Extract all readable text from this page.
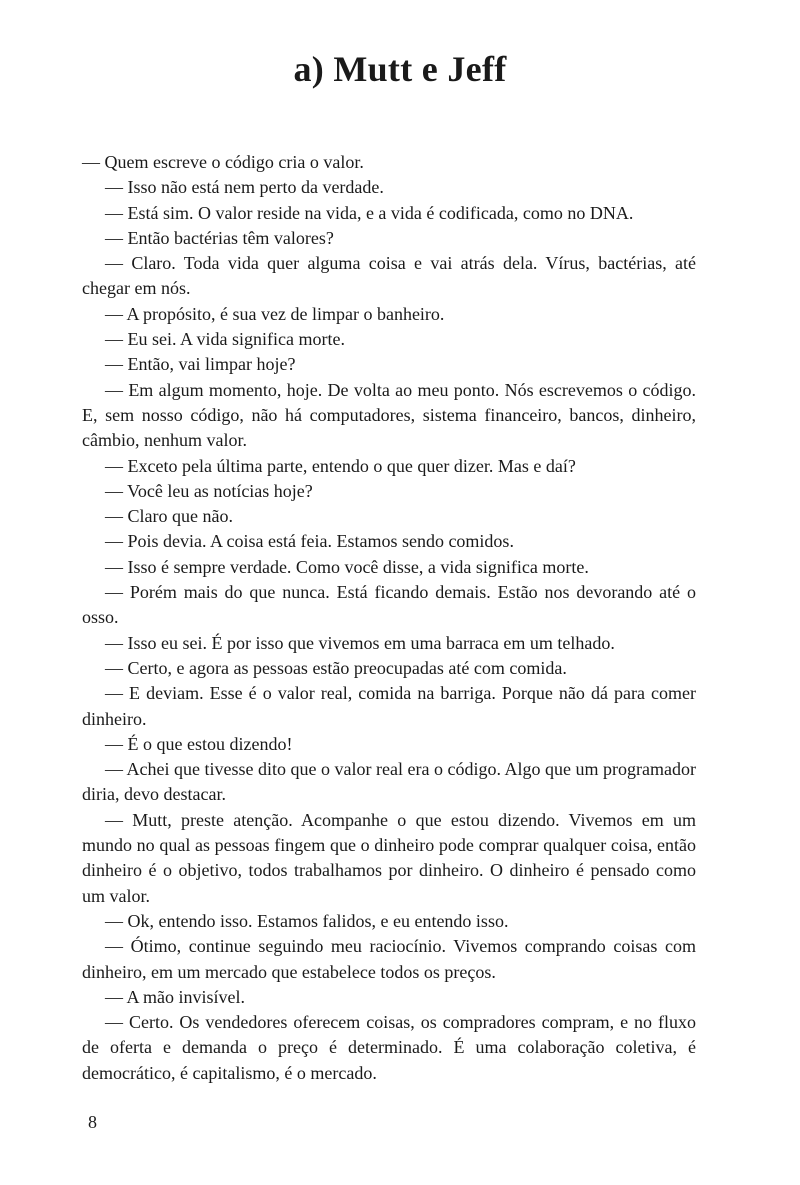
a) Mutt e Jeff

— Quem escreve o código cria o valor.

— Isso não está nem perto da verdade.

— Está sim. O valor reside na vida, e a vida é codificada, como no DNA.

— Então bactérias têm valores?

— Claro. Toda vida quer alguma coisa e vai atrás dela. Vírus, bactérias, até chegar em nós.

— A propósito, é sua vez de limpar o banheiro.

— Eu sei. A vida significa morte.

— Então, vai limpar hoje?

— Em algum momento, hoje. De volta ao meu ponto. Nós escrevemos o código. E, sem nosso código, não há computadores, sistema financeiro, bancos, dinheiro, câmbio, nenhum valor.

— Exceto pela última parte, entendo o que quer dizer. Mas e daí?

— Você leu as notícias hoje?

— Claro que não.

— Pois devia. A coisa está feia. Estamos sendo comidos.

— Isso é sempre verdade. Como você disse, a vida significa morte.

— Porém mais do que nunca. Está ficando demais. Estão nos devorando até o osso.

— Isso eu sei. É por isso que vivemos em uma barraca em um telhado.

— Certo, e agora as pessoas estão preocupadas até com comida.

— E deviam. Esse é o valor real, comida na barriga. Porque não dá para comer dinheiro.

— É o que estou dizendo!

— Achei que tivesse dito que o valor real era o código. Algo que um programador diria, devo destacar.

— Mutt, preste atenção. Acompanhe o que estou dizendo. Vivemos em um mundo no qual as pessoas fingem que o dinheiro pode comprar qualquer coisa, então dinheiro é o objetivo, todos trabalhamos por dinheiro. O dinheiro é pensado como um valor.

— Ok, entendo isso. Estamos falidos, e eu entendo isso.

— Ótimo, continue seguindo meu raciocínio. Vivemos comprando coisas com dinheiro, em um mercado que estabelece todos os preços.

— A mão invisível.

— Certo. Os vendedores oferecem coisas, os compradores compram, e no fluxo de oferta e demanda o preço é determinado. É uma colaboração coletiva, é democrático, é capitalismo, é o mercado.

8
